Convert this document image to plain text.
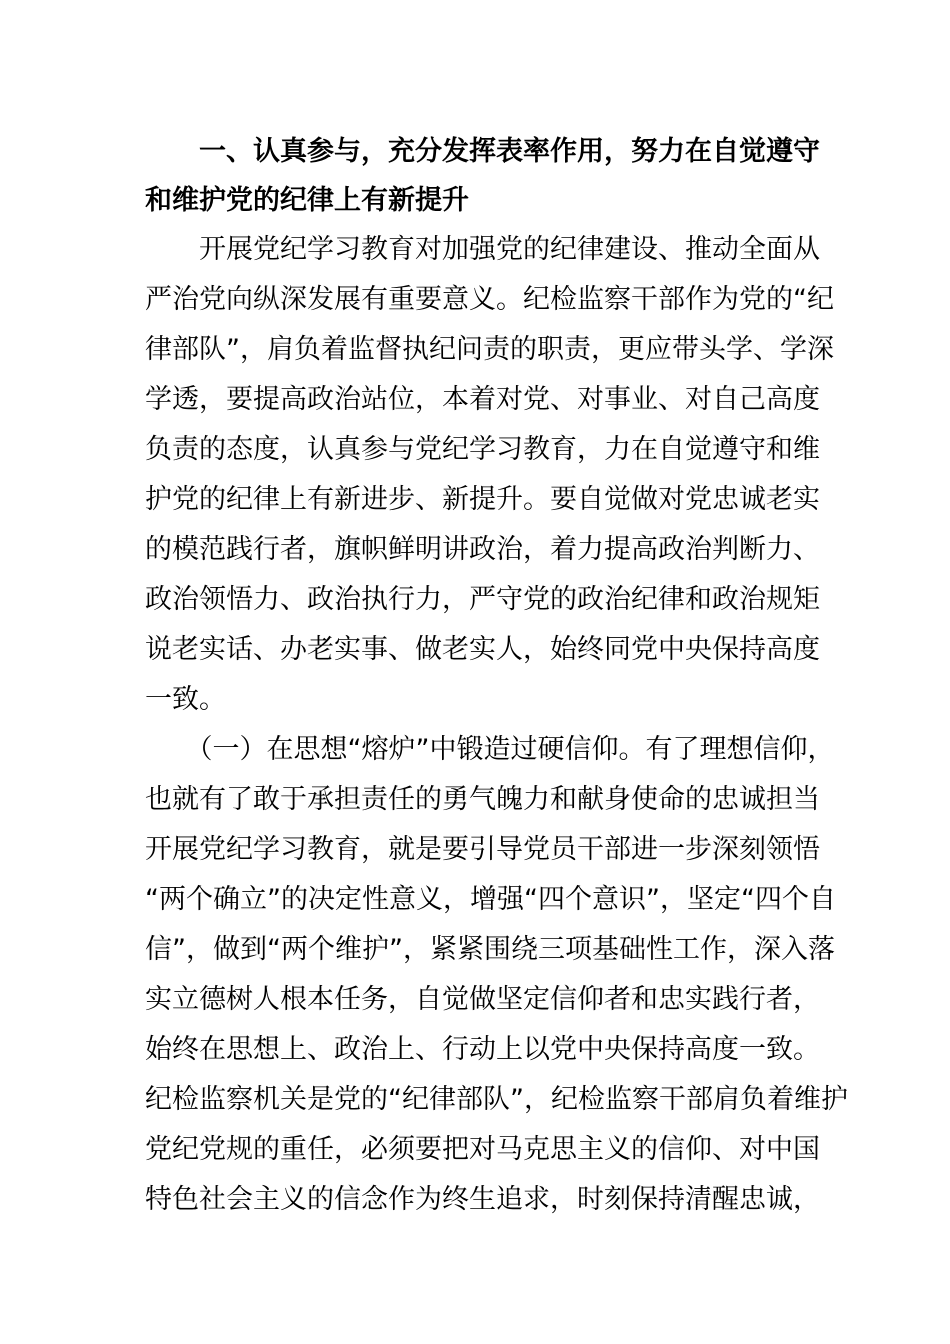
　　一、认真参与，充分发挥表率作用，努力在自觉遵守
和维护党的纪律上有新提升
　　开展党纪学习教育对加强党的纪律建设、推动全面从
严治党向纵深发展有重要意义。纪检监察干部作为党的“纪
律部队”，肩负着监督执纪问责的职责，更应带头学、学深
学透，要提高政治站位，本着对党、对事业、对自己高度
负责的态度，认真参与党纪学习教育，力在自觉遵守和维
护党的纪律上有新进步、新提升。要自觉做对党忠诚老实
的模范践行者，旗帜鲜明讲政治，着力提高政治判断力、
政治领悟力、政治执行力，严守党的政治纪律和政治规矩
说老实话、办老实事、做老实人，始终同党中央保持高度
一致。
　　（一）在思想“熔炉”中锻造过硬信仰。有了理想信仰，
也就有了敢于承担责任的勇气魄力和献身使命的忠诚担当
开展党纪学习教育，就是要引导党员干部进一步深刻领悟
“两个确立”的决定性意义，增强“四个意识”，坚定“四个自
信”，做到“两个维护”，紧紧围绕三项基础性工作，深入落
实立德树人根本任务，自觉做坚定信仰者和忠实践行者，
始终在思想上、政治上、行动上以党中央保持高度一致。
纪检监察机关是党的“纪律部队”，纪检监察干部肩负着维护
党纪党规的重任，必须要把对马克思主义的信仰、对中国
特色社会主义的信念作为终生追求，时刻保持清醒忠诚，
